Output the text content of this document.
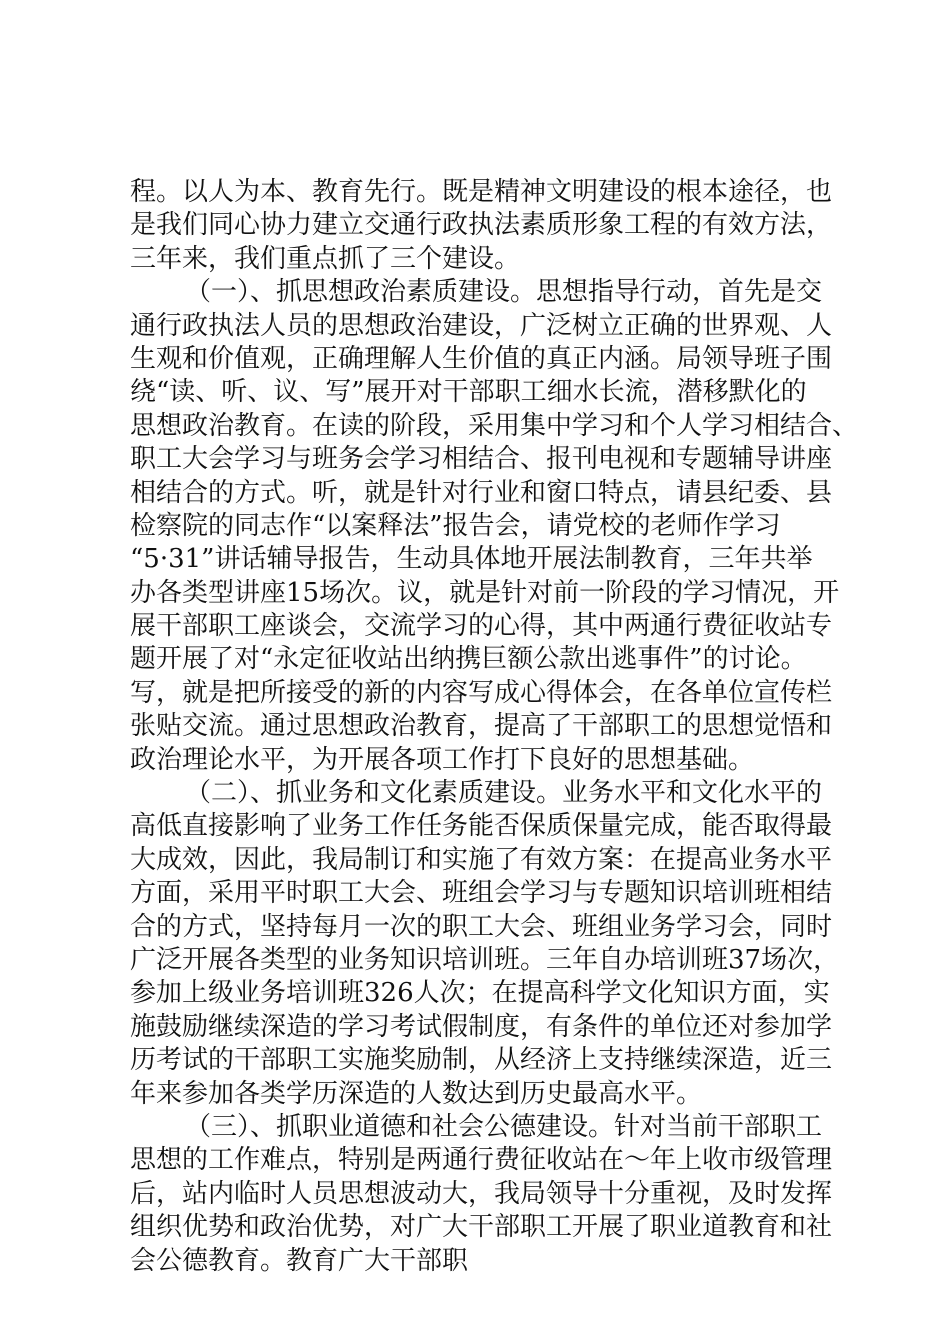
程。以人为本、教育先行。既是精神文明建设的根本途径，也
是我们同心协力建立交通行政执法素质形象工程的有效方法，
三年来，我们重点抓了三个建设。
（一）、抓思想政治素质建设。思想指导行动，首先是交
通行政执法人员的思想政治建设，广泛树立正确的世界观、人
生观和价值观，正确理解人生价值的真正内涵。局领导班子围
绕“读、听、议、写”展开对干部职工细水长流，潜移默化的
思想政治教育。在读的阶段，采用集中学习和个人学习相结合、
职工大会学习与班务会学习相结合、报刊电视和专题辅导讲座
相结合的方式。听，就是针对行业和窗口特点，请县纪委、县
检察院的同志作“以案释法”报告会，请党校的老师作学习
“5·31”讲话辅导报告，生动具体地开展法制教育，三年共举
办各类型讲座15场次。议，就是针对前一阶段的学习情况，开
展干部职工座谈会，交流学习的心得，其中两通行费征收站专
题开展了对“永定征收站出纳携巨额公款出逃事件”的讨论。
写，就是把所接受的新的内容写成心得体会，在各单位宣传栏
张贴交流。通过思想政治教育，提高了干部职工的思想觉悟和
政治理论水平，为开展各项工作打下良好的思想基础。
（二）、抓业务和文化素质建设。业务水平和文化水平的
高低直接影响了业务工作任务能否保质保量完成，能否取得最
大成效，因此，我局制订和实施了有效方案：在提高业务水平
方面，采用平时职工大会、班组会学习与专题知识培训班相结
合的方式，坚持每月一次的职工大会、班组业务学习会，同时
广泛开展各类型的业务知识培训班。三年自办培训班37场次，
参加上级业务培训班326人次；在提高科学文化知识方面，实
施鼓励继续深造的学习考试假制度，有条件的单位还对参加学
历考试的干部职工实施奖励制，从经济上支持继续深造，近三
年来参加各类学历深造的人数达到历史最高水平。
（三）、抓职业道德和社会公德建设。针对当前干部职工
思想的工作难点，特别是两通行费征收站在～年上收市级管理
后，站内临时人员思想波动大，我局领导十分重视，及时发挥
组织优势和政治优势，对广大干部职工开展了职业道教育和社
会公德教育。教育广大干部职
